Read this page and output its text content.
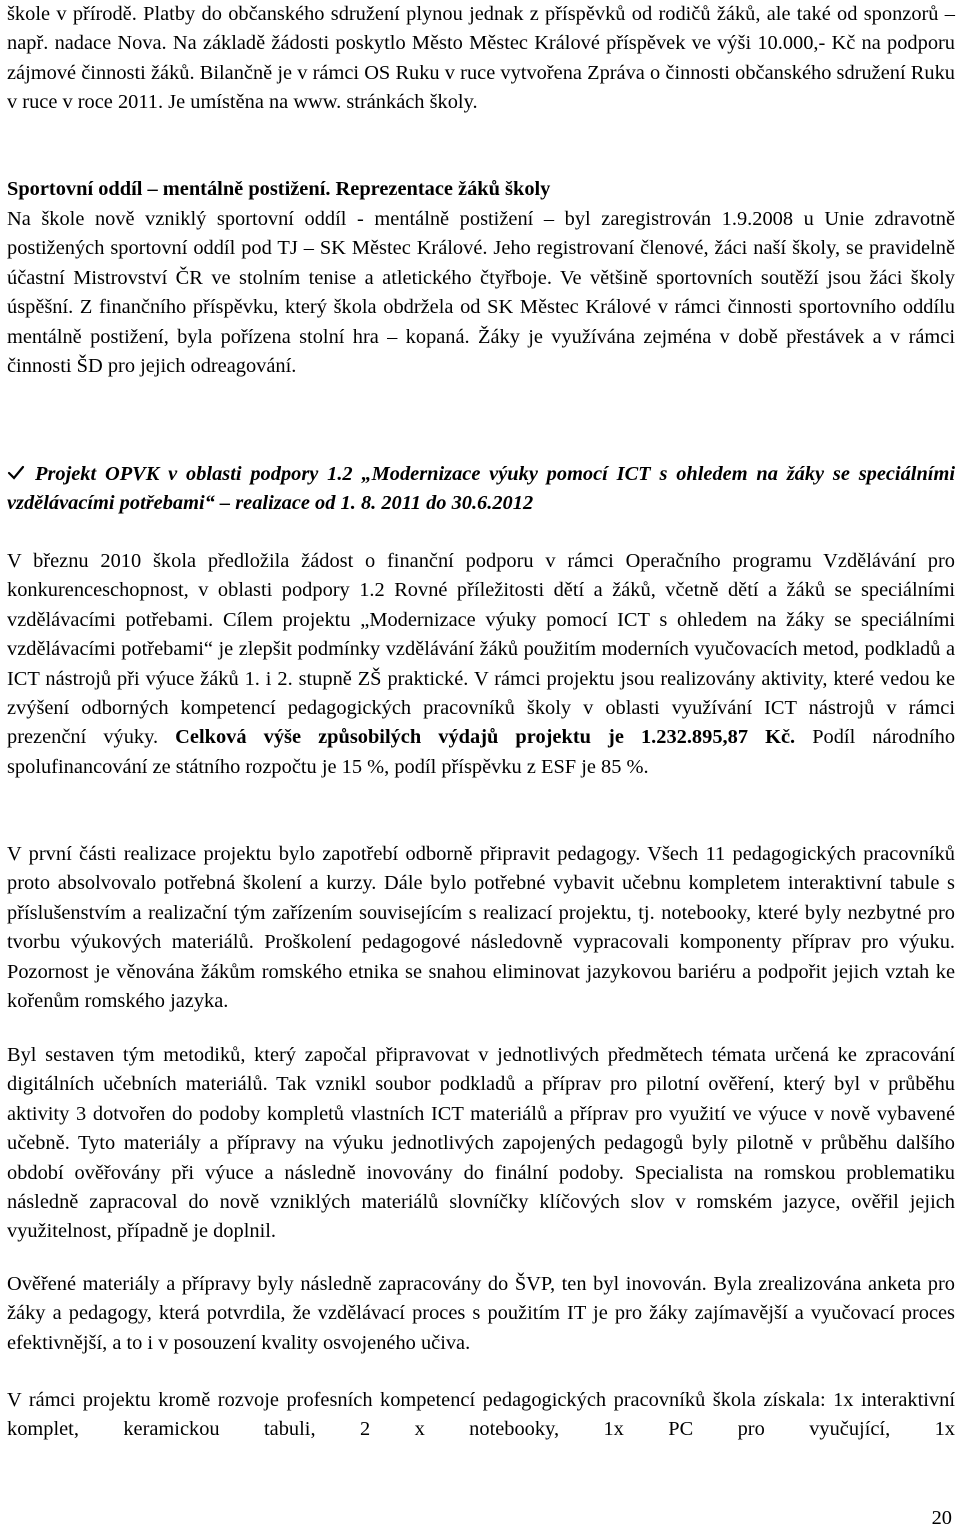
škole v přírodě. Platby do občanského sdružení plynou jednak z příspěvků od rodičů žáků, ale také od sponzorů – např. nadace Nova. Na základě žádosti poskytlo Město Městec Králové příspěvek ve výši 10.000,- Kč na podporu zájmové činnosti žáků. Bilančně je v rámci OS Ruku v ruce vytvořena Zpráva o činnosti občanského sdružení Ruku v ruce v roce 2011. Je umístěna na www. stránkách školy.

Sportovní oddíl – mentálně postižení. Reprezentace žáků školy

Na škole nově vzniklý sportovní oddíl - mentálně postižení – byl zaregistrován 1.9.2008 u Unie zdravotně postižených sportovní oddíl pod TJ – SK Městec Králové. Jeho registrovaní členové, žáci naší školy, se pravidelně účastní Mistrovství ČR ve stolním tenise a atletického čtyřboje. Ve většině sportovních soutěží jsou žáci školy úspěšní. Z finančního příspěvku, který škola obdržela od SK Městec Králové v rámci činnosti sportovního oddílu mentálně postižení, byla pořízena stolní hra – kopaná. Žáky je využívána zejména v době přestávek a v rámci činnosti ŠD pro jejich odreagování.

Projekt OPVK v oblasti podpory 1.2 „Modernizace výuky pomocí ICT s ohledem na žáky se speciálními vzdělávacími potřebami“ – realizace od 1. 8. 2011 do 30.6.2012

V březnu 2010 škola předložila žádost o finanční podporu v rámci Operačního programu Vzdělávání pro konkurenceschopnost, v oblasti podpory 1.2 Rovné příležitosti dětí a žáků, včetně dětí a žáků se speciálními vzdělávacími potřebami. Cílem projektu „Modernizace výuky pomocí ICT s ohledem na žáky se speciálními vzdělávacími potřebami“ je zlepšit podmínky vzdělávání žáků použitím moderních vyučovacích metod, podkladů a ICT nástrojů při výuce žáků 1. i 2. stupně ZŠ praktické. V rámci projektu jsou realizovány aktivity, které vedou ke zvýšení odborných kompetencí pedagogických pracovníků školy v oblasti využívání ICT nástrojů v rámci prezenční výuky. Celková výše způsobilých výdajů projektu je 1.232.895,87 Kč. Podíl národního spolufinancování ze státního rozpočtu je 15 %, podíl příspěvku z ESF je 85 %.

V první části realizace projektu bylo zapotřebí odborně připravit pedagogy. Všech 11 pedagogických pracovníků proto absolvovalo potřebná školení a kurzy. Dále bylo potřebné vybavit učebnu kompletem interaktivní tabule s příslušenstvím a realizační tým zařízením souvisejícím s realizací projektu, tj. notebooky, které byly nezbytné pro tvorbu výukových materiálů. Proškolení pedagogové následovně vypracovali komponenty příprav pro výuku. Pozornost je věnována žákům romského etnika se snahou eliminovat jazykovou bariéru a podpořit jejich vztah ke kořenům romského jazyka.

Byl sestaven tým metodiků, který započal připravovat v jednotlivých předmětech témata určená ke zpracování digitálních učebních materiálů. Tak vznikl soubor podkladů a příprav pro pilotní ověření, který byl v průběhu aktivity 3 dotvořen do podoby kompletů vlastních ICT materiálů a příprav pro využití ve výuce v nově vybavené učebně. Tyto materiály a přípravy na výuku jednotlivých zapojených pedagogů byly pilotně v průběhu dalšího období ověřovány při výuce a následně inovovány do finální podoby. Specialista na romskou problematiku následně zapracoval do nově vzniklých materiálů slovníčky klíčových slov v romském jazyce, ověřil jejich využitelnost, případně je doplnil.

Ověřené materiály a přípravy byly následně zapracovány do ŠVP, ten byl inovován. Byla zrealizována anketa pro žáky a pedagogy, která potvrdila, že vzdělávací proces s použitím IT je pro žáky zajímavější a vyučovací proces efektivnější, a to i v posouzení kvality osvojeného učiva.

V rámci projektu kromě rozvoje profesních kompetencí pedagogických pracovníků škola získala: 1x interaktivní komplet, keramickou tabuli, 2 x notebooky, 1x PC pro vyučující, 1x

20
